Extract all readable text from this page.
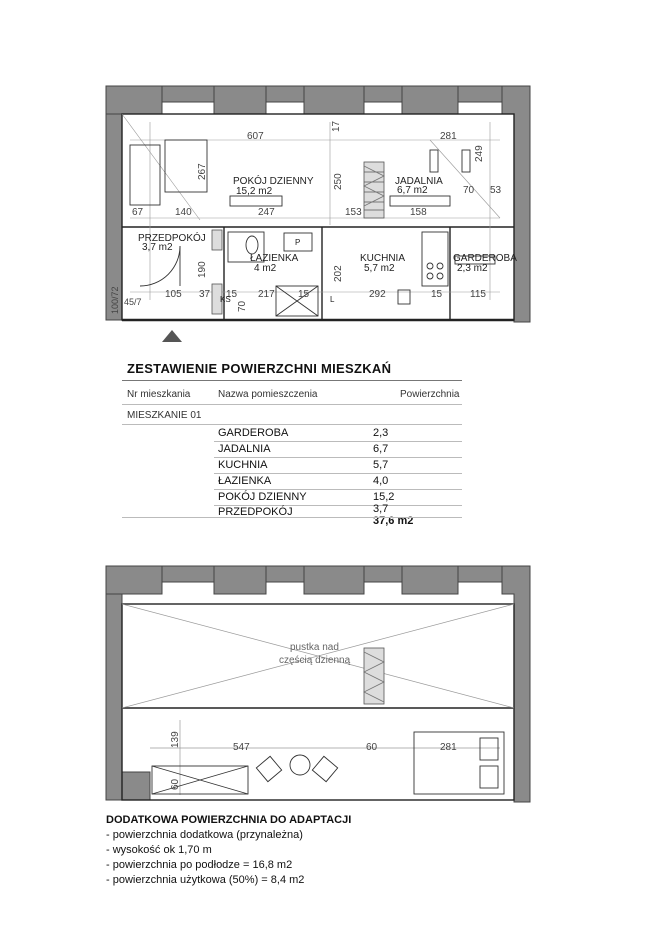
607
17
281
267
250
249
67	140	247	153	158
70 53
190	202
105 37 15 217 15	292	15	115
70
100/72 45/7
POKÓJ DZIENNY
15,2 m2
JADALNIA
6,7 m2
PRZEDPOKÓJ
3,7 m2
ŁAZIENKA
4 m2
KUCHNIA
5,7 m2
GARDEROBA
2,3 m2
P
L
KS
ZESTAWIENIE POWIERZCHNI MIESZKAŃ
Nr mieszkania	Nazwa pomieszczenia	Powierzchnia
MIESZKANIE 01
GARDEROBA	2,3
JADALNIA	6,7
KUCHNIA	5,7
ŁAZIENKA	4,0
POKÓJ DZIENNY	15,2
PRZEDPOKÓJ	3,7
37,6 m2
pustka nad
częścią dzienną
139	547	60	281
60
DODATKOWA POWIERZCHNIA DO ADAPTACJI
- powierzchnia dodatkowa (przynależna)
- wysokość ok 1,70 m
- powierzchnia po podłodze = 16,8 m2
- powierzchnia użytkowa (50%) = 8,4 m2
